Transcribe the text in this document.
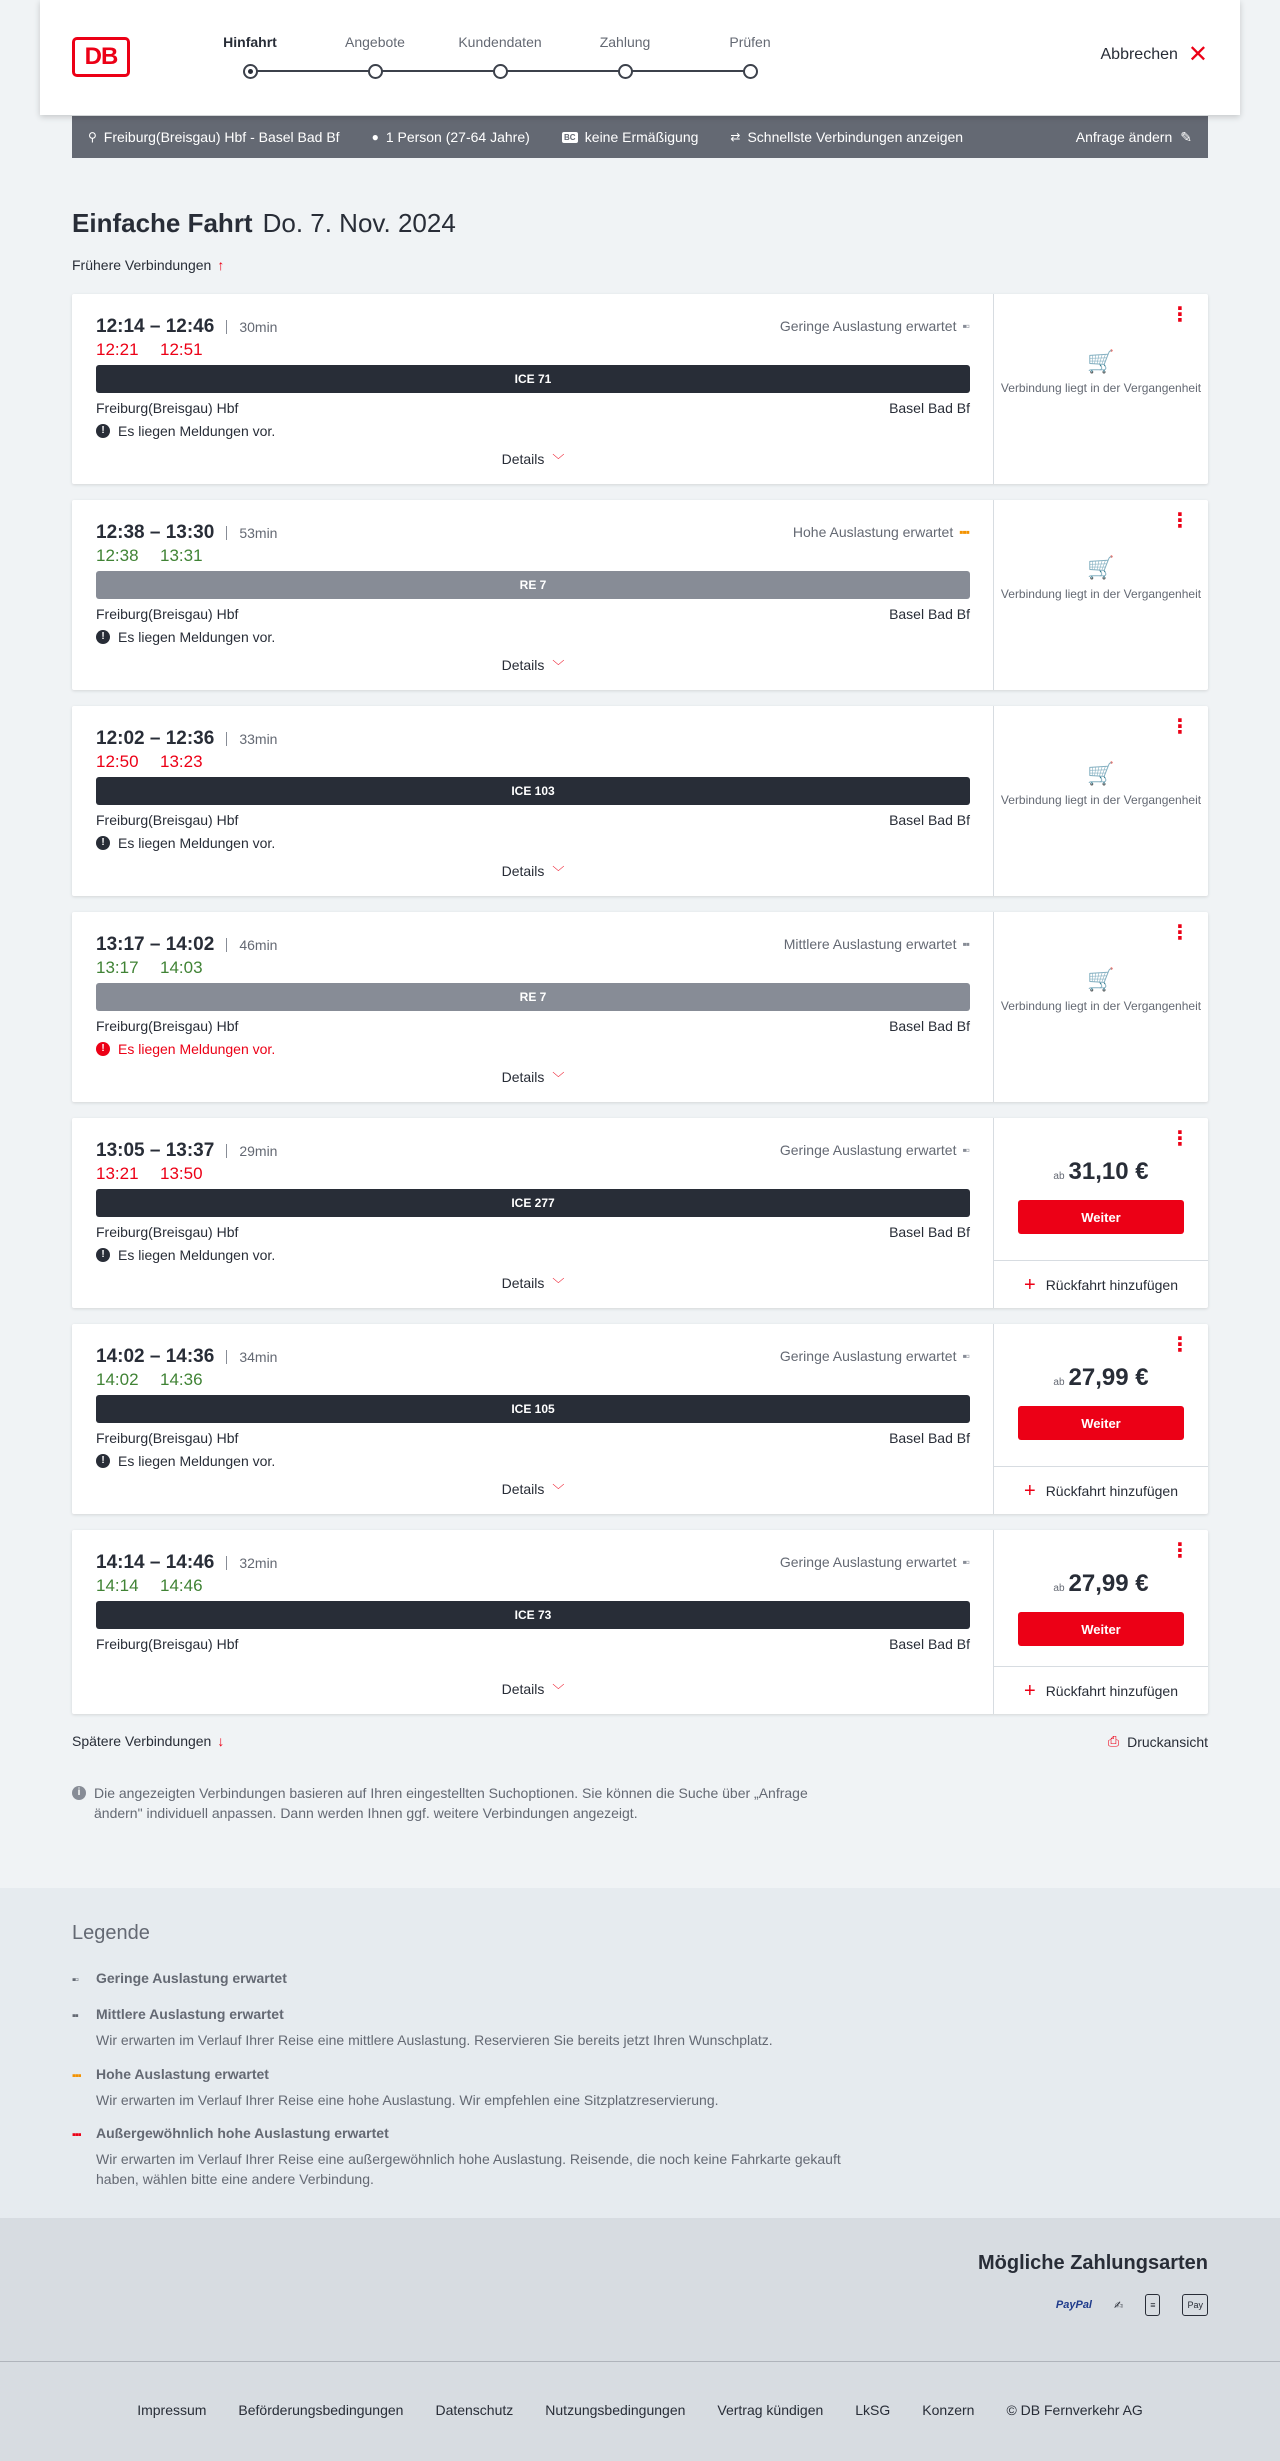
DB
Hinfahrt	Angebote	Kundendaten	Zahlung	Prüfen
Abbrechen ✕
⚲ Freiburg(Breisgau) Hbf - Basel Bad Bf	● 1 Person (27-64 Jahre)	BC keine Ermäßigung	⇄ Schnellste Verbindungen anzeigen	Anfrage ändern ✎
Einfache Fahrt Do. 7. Nov. 2024
Frühere Verbindungen ↑
12:14 – 12:46	30min
12:21 12:51
Geringe Auslastung erwartet ▪▫
ICE 71
Freiburg(Breisgau) Hbf	Basel Bad Bf
! Es liegen Meldungen vor.
Details ﹀
⋮
🛒
Verbindung liegt in der Vergangenheit
12:38 – 13:30	53min
12:38 13:31
Hohe Auslastung erwartet ▪▪▪
RE 7
Freiburg(Breisgau) Hbf	Basel Bad Bf
! Es liegen Meldungen vor.
Details ﹀
⋮
🛒
Verbindung liegt in der Vergangenheit
12:02 – 12:36	33min
12:50 13:23
ICE 103
Freiburg(Breisgau) Hbf	Basel Bad Bf
! Es liegen Meldungen vor.
Details ﹀
⋮
🛒
Verbindung liegt in der Vergangenheit
13:17 – 14:02	46min
13:17 14:03
Mittlere Auslastung erwartet ▪▪
RE 7
Freiburg(Breisgau) Hbf	Basel Bad Bf
! Es liegen Meldungen vor.
Details ﹀
⋮
🛒
Verbindung liegt in der Vergangenheit
13:05 – 13:37	29min
13:21 13:50
Geringe Auslastung erwartet ▪▫
ICE 277
Freiburg(Breisgau) Hbf	Basel Bad Bf
! Es liegen Meldungen vor.
Details ﹀
⋮
ab 31,10 €
Weiter
+ Rückfahrt hinzufügen
14:02 – 14:36	34min
14:02 14:36
Geringe Auslastung erwartet ▪▫
ICE 105
Freiburg(Breisgau) Hbf	Basel Bad Bf
! Es liegen Meldungen vor.
Details ﹀
⋮
ab 27,99 €
Weiter
+ Rückfahrt hinzufügen
14:14 – 14:46	32min
14:14 14:46
Geringe Auslastung erwartet ▪▫
ICE 73
Freiburg(Breisgau) Hbf	Basel Bad Bf
Details ﹀
⋮
ab 27,99 €
Weiter
+ Rückfahrt hinzufügen
Spätere Verbindungen ↓	⎙ Druckansicht
i Die angezeigten Verbindungen basieren auf Ihren eingestellten Suchoptionen. Sie können die Suche über „Anfrage ändern" individuell anpassen. Dann werden Ihnen ggf. weitere Verbindungen angezeigt.
Legende
▪▫ Geringe Auslastung erwartet
▪▪ Mittlere Auslastung erwartet

Wir erwarten im Verlauf Ihrer Reise eine mittlere Auslastung. Reservieren Sie bereits jetzt Ihren Wunschplatz.

▪▪▪ Hohe Auslastung erwartet

Wir erwarten im Verlauf Ihrer Reise eine hohe Auslastung. Wir empfehlen eine Sitzplatzreservierung.

▪▪▪ Außergewöhnlich hohe Auslastung erwartet

Wir erwarten im Verlauf Ihrer Reise eine außergewöhnlich hohe Auslastung. Reisende, die noch keine Fahrkarte gekauft haben, wählen bitte eine andere Verbindung.

Mögliche Zahlungsarten
PayPal ✍	≡	Pay
Impressum Beförderungsbedingungen Datenschutz Nutzungsbedingungen Vertrag kündigen LkSG Konzern © DB Fernverkehr AG
